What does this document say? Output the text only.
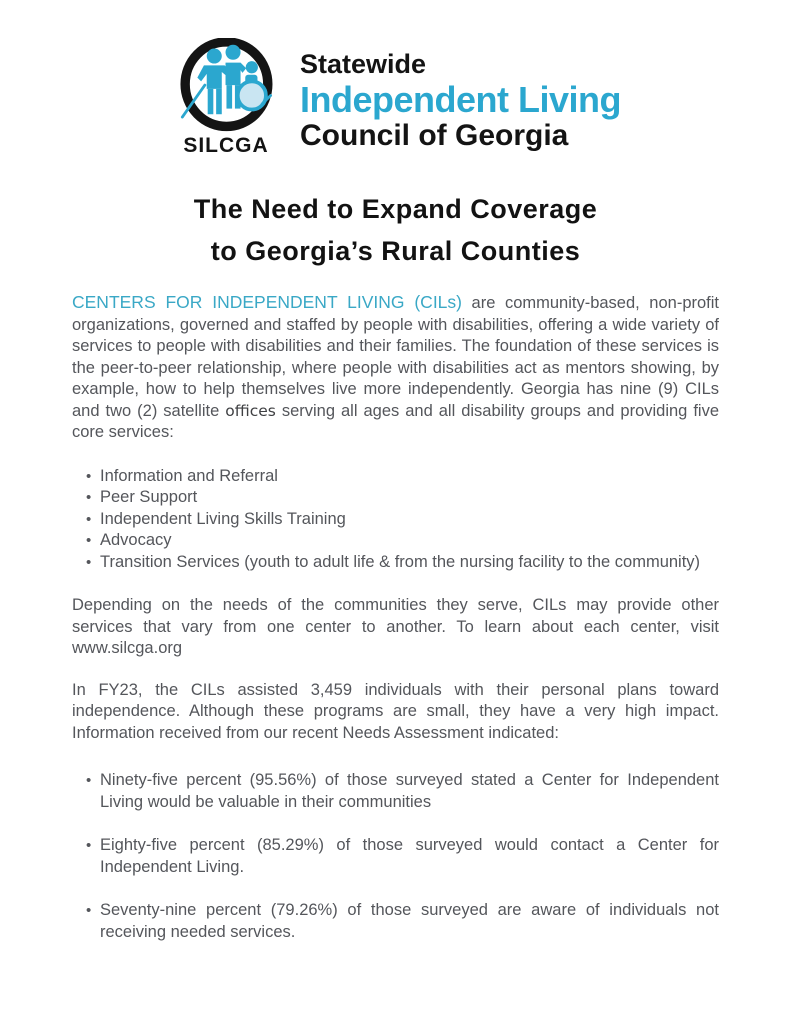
SILCGA
Statewide
Independent Living
Council of Georgia
The Need to Expand Coverage
to Georgia’s Rural Counties

CENTERS FOR INDEPENDENT LIVING (CILs) are community-based, non-profit organizations, governed and staffed by people with disabilities, offering a wide variety of services to people with disabilities and their families. The foundation of these services is the peer-to-peer relationship, where people with disabilities act as mentors showing, by example, how to help themselves live more independently. Georgia has nine (9) CILs and two (2) satellite offices serving all ages and all disability groups and providing five core services:

• Information and Referral
• Peer Support
• Independent Living Skills Training
• Advocacy
• Transition Services (youth to adult life & from the nursing facility to the community)

Depending on the needs of the communities they serve, CILs may provide other services that vary from one center to another. To learn about each center, visit www.silcga.org

In FY23, the CILs assisted 3,459 individuals with their personal plans toward independence. Although these programs are small, they have a very high impact. Information received from our recent Needs Assessment indicated:

• Ninety-five percent (95.56%) of those surveyed stated a Center for Independent Living would be valuable in their communities
• Eighty-five percent (85.29%) of those surveyed would contact a Center for Independent Living.
• Seventy-nine percent (79.26%) of those surveyed are aware of individuals not receiving needed services.
